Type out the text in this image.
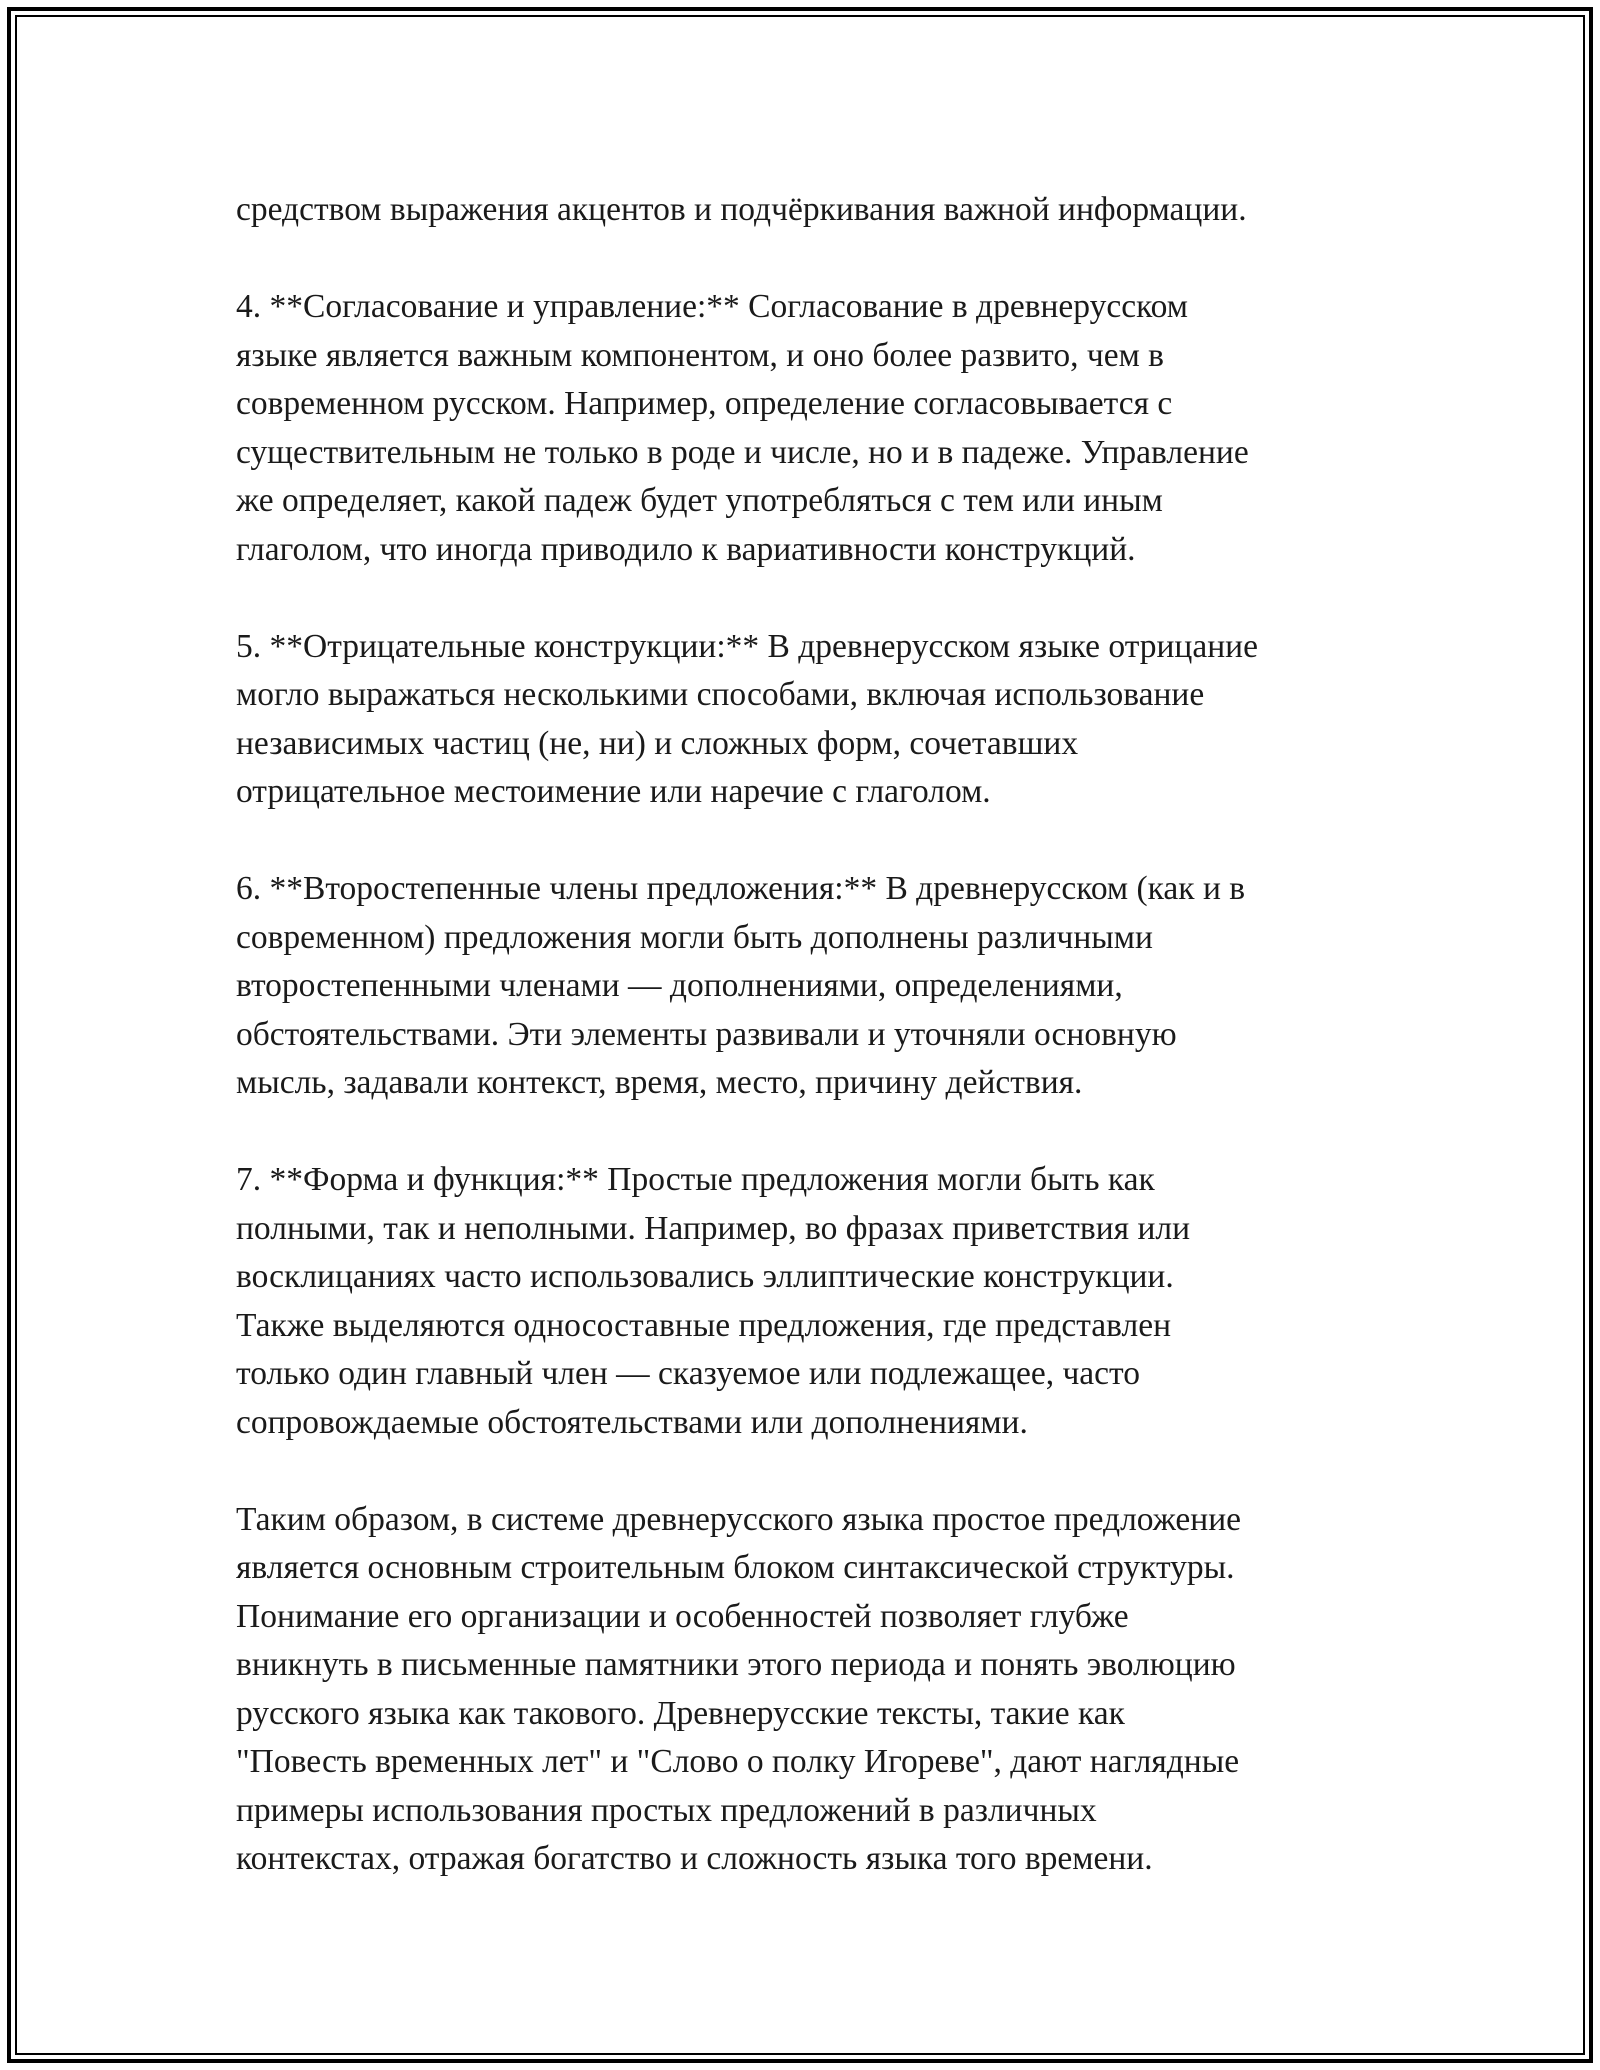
средством выражения акцентов и подчёркивания важной информации.

4. **Согласование и управление:** Согласование в древнерусском
языке является важным компонентом, и оно более развито, чем в
современном русском. Например, определение согласовывается с
существительным не только в роде и числе, но и в падеже. Управление
же определяет, какой падеж будет употребляться с тем или иным
глаголом, что иногда приводило к вариативности конструкций.

5. **Отрицательные конструкции:** В древнерусском языке отрицание
могло выражаться несколькими способами, включая использование
независимых частиц (не, ни) и сложных форм, сочетавших
отрицательное местоимение или наречие с глаголом.

6. **Второстепенные члены предложения:** В древнерусском (как и в
современном) предложения могли быть дополнены различными
второстепенными членами — дополнениями, определениями,
обстоятельствами. Эти элементы развивали и уточняли основную
мысль, задавали контекст, время, место, причину действия.

7. **Форма и функция:** Простые предложения могли быть как
полными, так и неполными. Например, во фразах приветствия или
восклицаниях часто использовались эллиптические конструкции.
Также выделяются односоставные предложения, где представлен
только один главный член — сказуемое или подлежащее, часто
сопровождаемые обстоятельствами или дополнениями.

Таким образом, в системе древнерусского языка простое предложение
является основным строительным блоком синтаксической структуры.
Понимание его организации и особенностей позволяет глубже
вникнуть в письменные памятники этого периода и понять эволюцию
русского языка как такового. Древнерусские тексты, такие как
"Повесть временных лет" и "Слово о полку Игореве", дают наглядные
примеры использования простых предложений в различных
контекстах, отражая богатство и сложность языка того времени.
